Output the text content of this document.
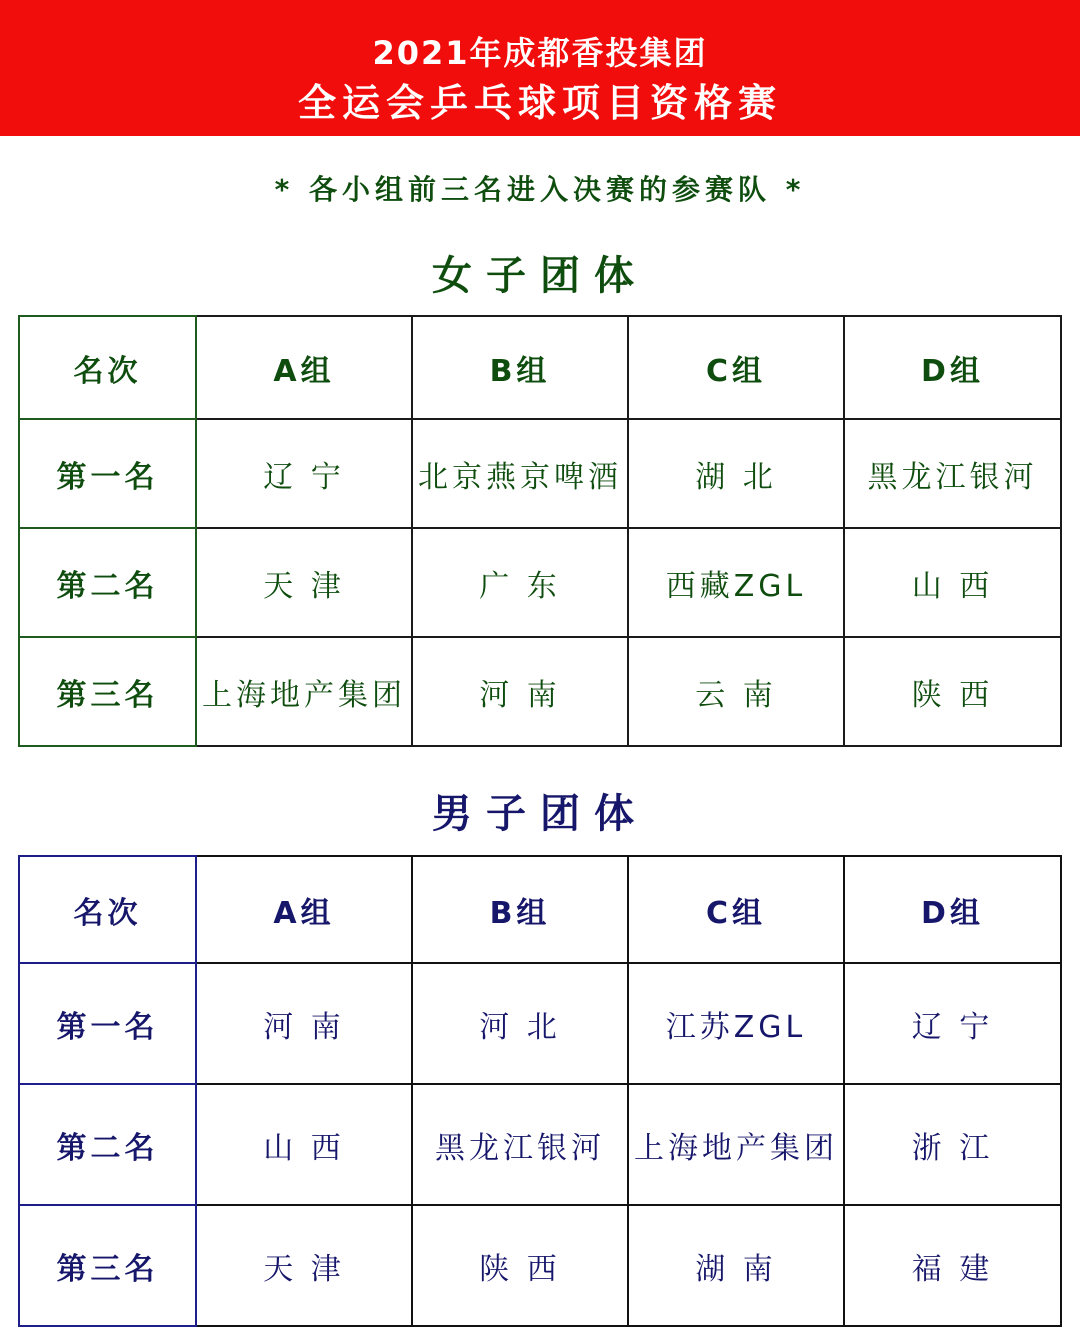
2021年成都香投集团
全运会乒乓球项目资格赛
* 各小组前三名进入决赛的参赛队 *
女子团体
名次	A组	B组	C组	D组
第一名	辽 宁	北京燕京啤酒	湖 北	黑龙江银河
第二名	天 津	广 东	西藏ZGL	山 西
第三名	上海地产集团	河 南	云 南	陕 西
男子团体
名次	A组	B组	C组	D组
第一名	河 南	河 北	江苏ZGL	辽 宁
第二名	山 西	黑龙江银河	上海地产集团	浙 江
第三名	天 津	陕 西	湖 南	福 建
